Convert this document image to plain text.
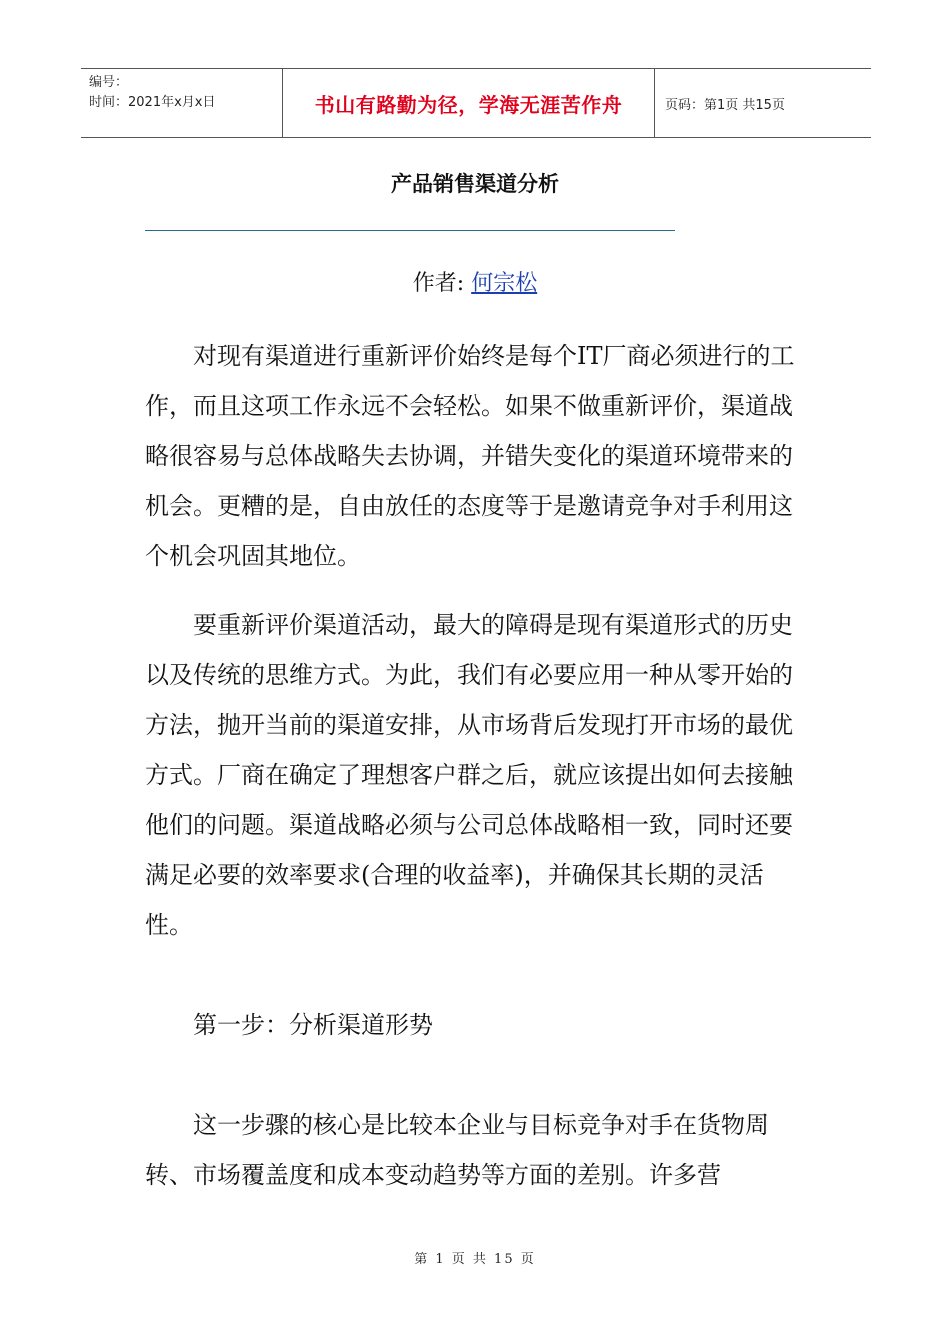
编号：
时间：2021年x月x日	书山有路勤为径，学海无涯苦作舟	页码：第1页 共15页
产品销售渠道分析
作者: 何宗松

对现有渠道进行重新评价始终是每个IT厂商必须进行的工作，而且这项工作永远不会轻松。如果不做重新评价，渠道战略很容易与总体战略失去协调，并错失变化的渠道环境带来的机会。更糟的是，自由放任的态度等于是邀请竞争对手利用这个机会巩固其地位。

要重新评价渠道活动，最大的障碍是现有渠道形式的历史以及传统的思维方式。为此，我们有必要应用一种从零开始的方法，抛开当前的渠道安排，从市场背后发现打开市场的最优方式。厂商在确定了理想客户群之后，就应该提出如何去接触他们的问题。渠道战略必须与公司总体战略相一致，同时还要满足必要的效率要求(合理的收益率)，并确保其长期的灵活性。

第一步：分析渠道形势

这一步骤的核心是比较本企业与目标竞争对手在货物周转、市场覆盖度和成本变动趋势等方面的差别。许多营

第 1 页 共 15 页
